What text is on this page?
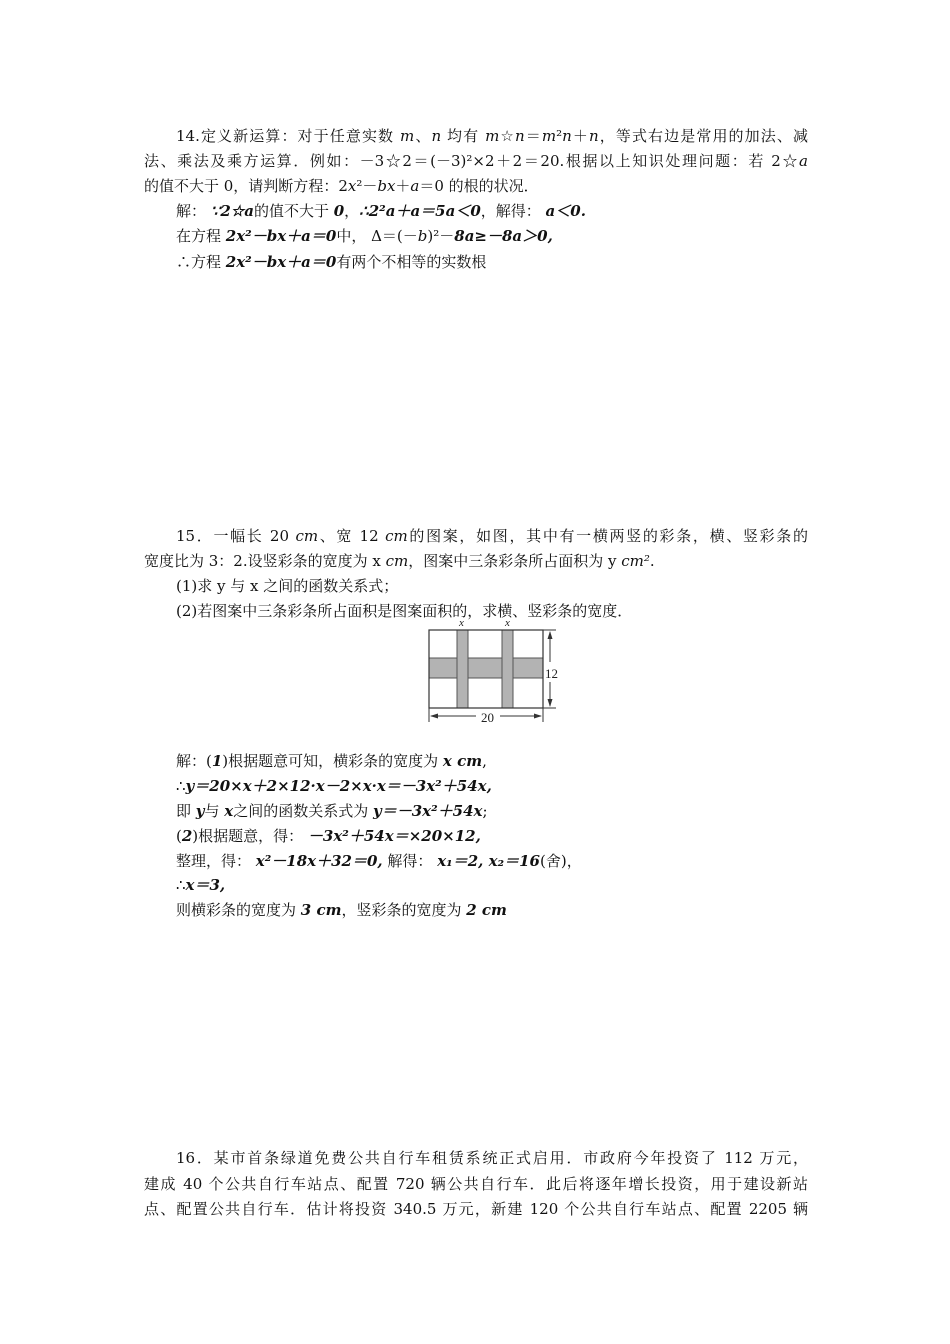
14.定义新运算：对于任意实数 m、n 均有 m☆n＝m²n＋n，等式右边是常用的加法、减
法、乘法及乘方运算．例如：－3☆2＝(－3)²×2＋2＝20.根据以上知识处理问题：若 2☆a
的值不大于 0，请判断方程：2x²－bx＋a＝0 的根的状况．
解： ∵2☆a的值不大于 0，∴2²a＋a＝5a＜0，解得： a＜0.
在方程 2x²－bx＋a＝0中， Δ＝(－b)²－8a≥－8a＞0,
∴方程 2x²－bx＋a＝0有两个不相等的实数根
15．一幅长 20 cm、宽 12 cm的图案，如图，其中有一横两竖的彩条，横、竖彩条的
宽度比为 3：2.设竖彩条的宽度为 x cm，图案中三条彩条所占面积为 y cm².
(1)求 y 与 x 之间的函数关系式；
(2)若图案中三条彩条所占面积是图案面积的，求横、竖彩条的宽度．
12
20
x	x
解：(1)根据题意可知，横彩条的宽度为 x cm,
∴y＝20×x＋2×12·x－2×x·x＝－3x²＋54x,
即 y与 x之间的函数关系式为 y＝－3x²＋54x;
(2)根据题意，得： －3x²＋54x＝×20×12,
整理，得： x²－18x＋32＝0, 解得： x₁＝2, x₂＝16(舍)，
∴x＝3,
则横彩条的宽度为 3 cm，竖彩条的宽度为 2 cm
16．某市首条绿道免费公共自行车租赁系统正式启用．市政府今年投资了 112 万元，
建成 40 个公共自行车站点、配置 720 辆公共自行车．此后将逐年增长投资，用于建设新站
点、配置公共自行车．估计将投资 340.5 万元，新建 120 个公共自行车站点、配置 2205 辆
